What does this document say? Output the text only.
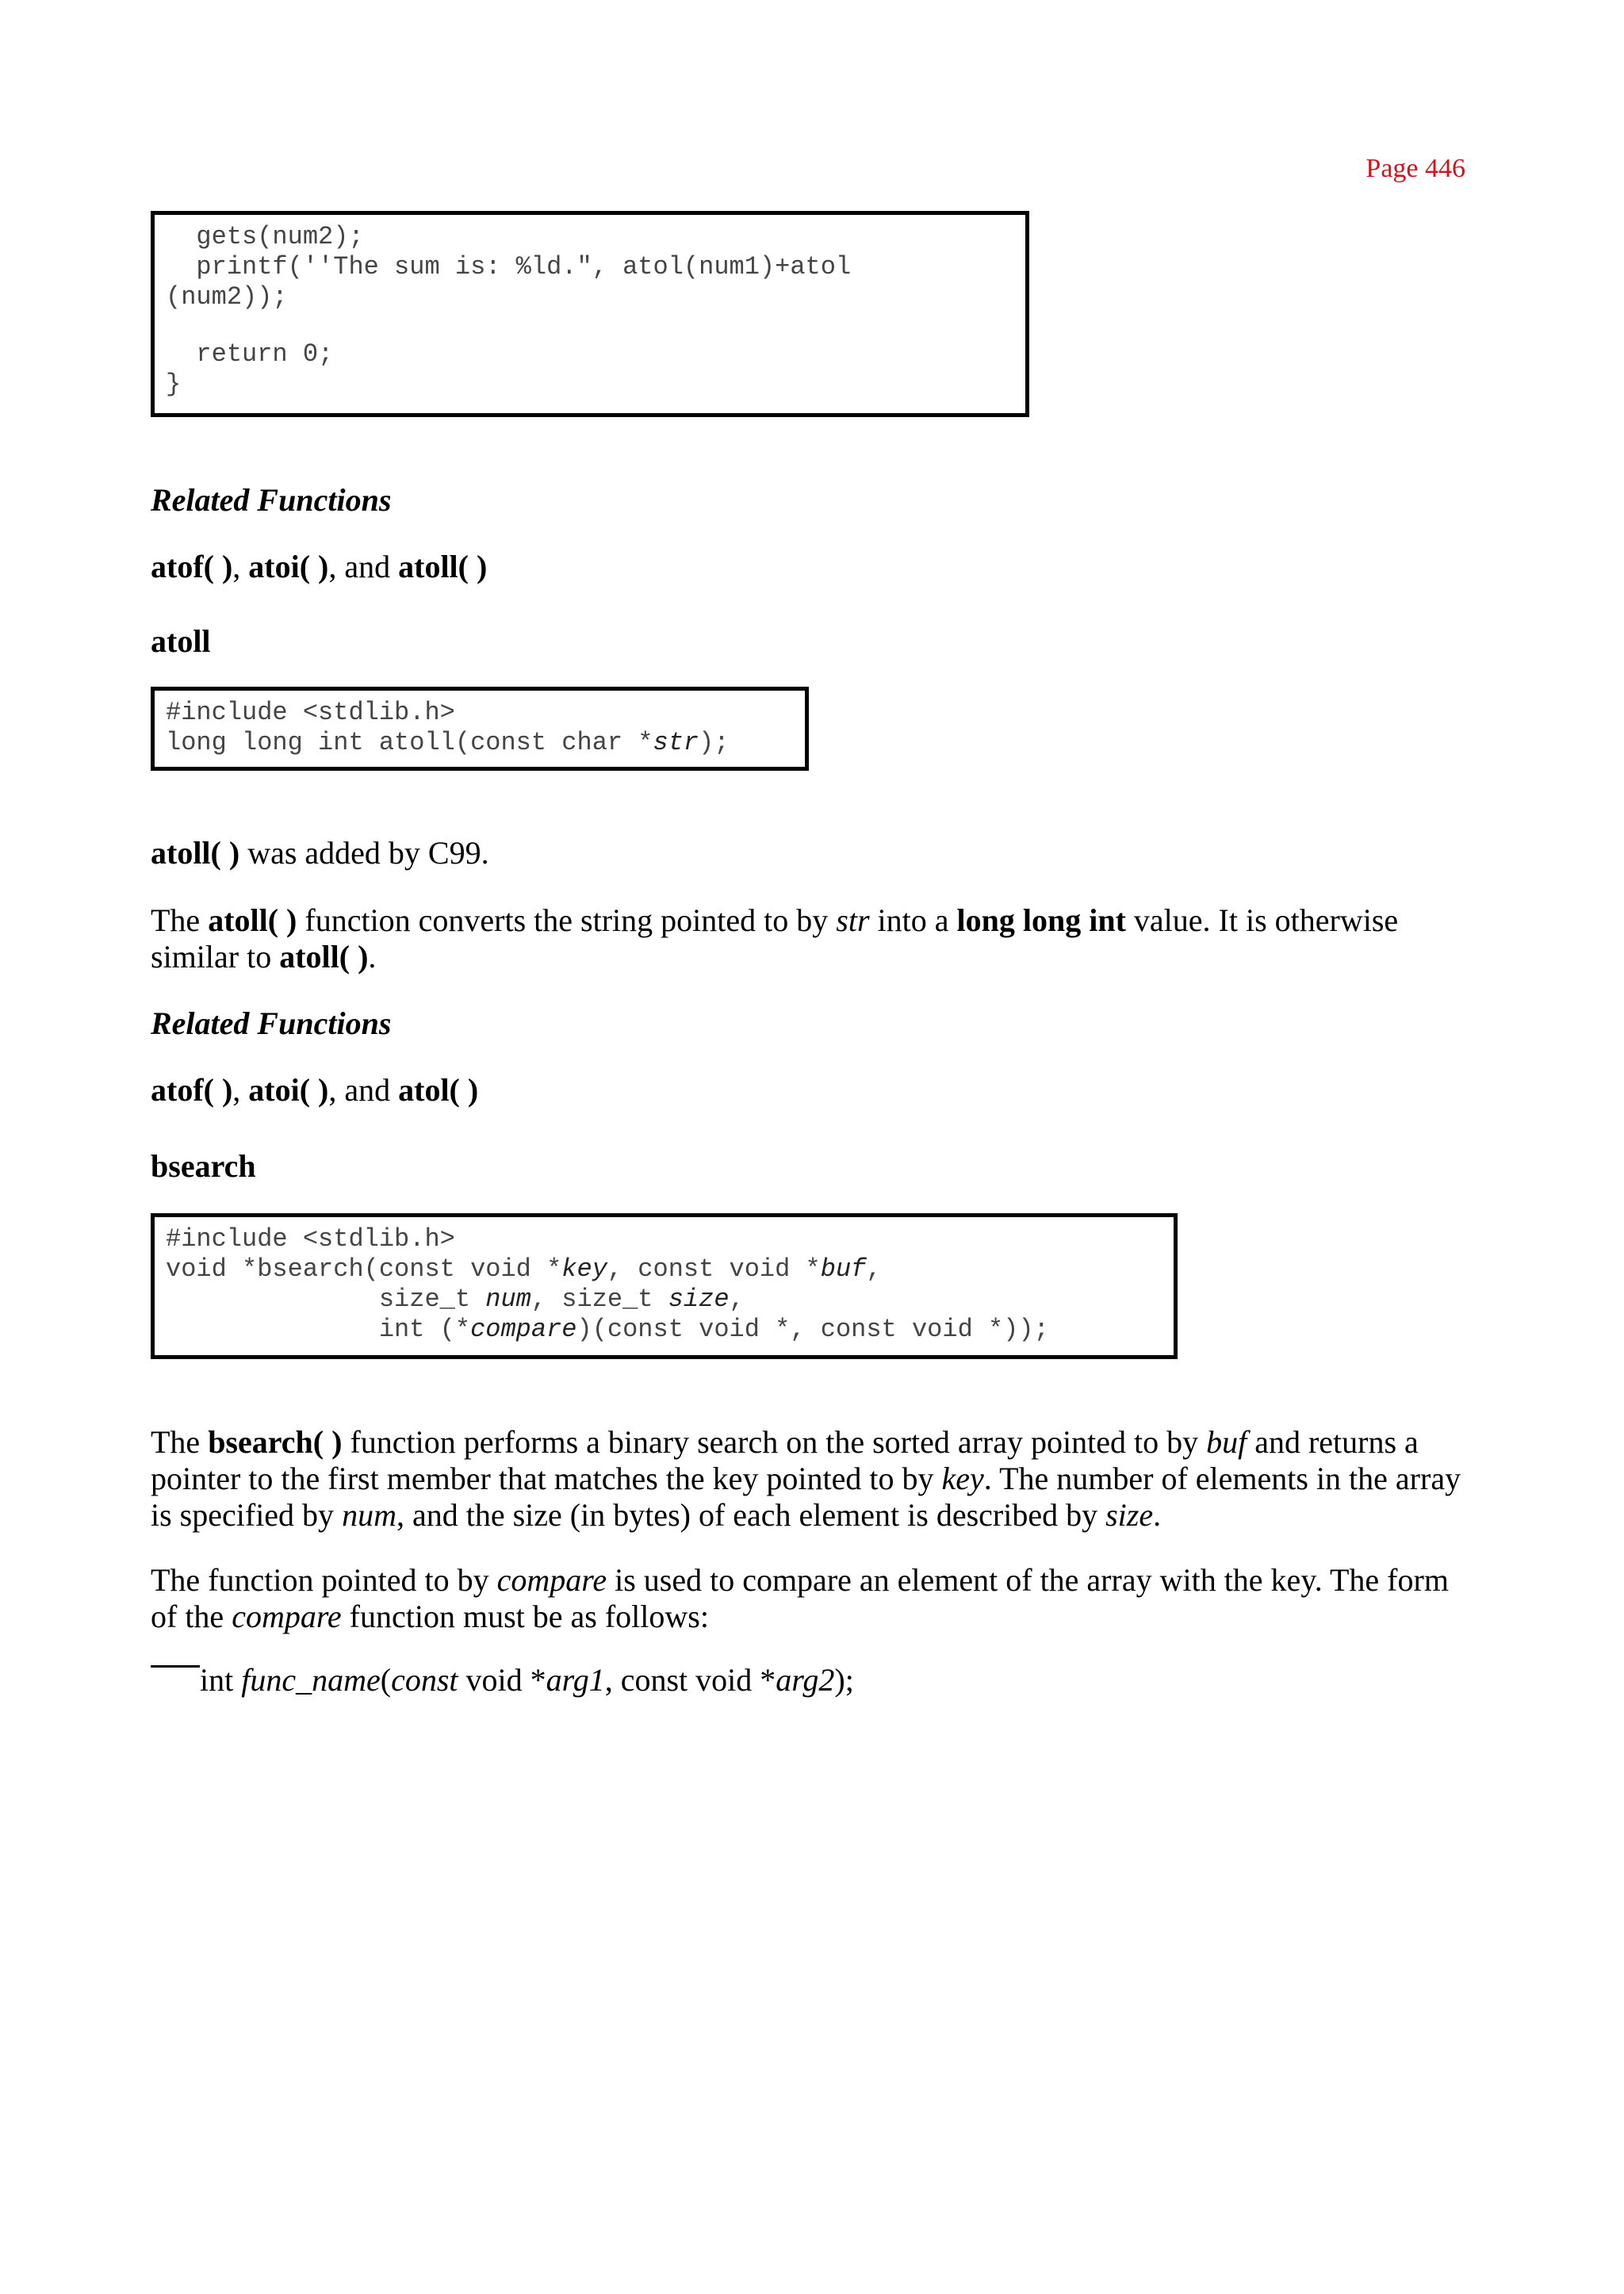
Page 446
gets(num2);
printf(''The sum is: %ld.", atol(num1)+atol
(num2));
return 0;
}
Related Functions
atof( ), atoi( ), and atoll( )
atoll
#include <stdlib.h>
long long int atoll(const char *str);
atoll( ) was added by C99.
The atoll( ) function converts the string pointed to by str into a long long int value. It is otherwise similar to atoll( ).
Related Functions
atof( ), atoi( ), and atol( )
bsearch
#include <stdlib.h>
void *bsearch(const void *key, const void *buf,
size_t num, size_t size,
int (*compare)(const void *, const void *));
The bsearch( ) function performs a binary search on the sorted array pointed to by buf and returns a pointer to the first member that matches the key pointed to by key. The number of elements in the array is specified by num, and the size (in bytes) of each element is described by size.
The function pointed to by compare is used to compare an element of the array with the key. The form of the compare function must be as follows:
int func_name(const void *arg1, const void *arg2);
